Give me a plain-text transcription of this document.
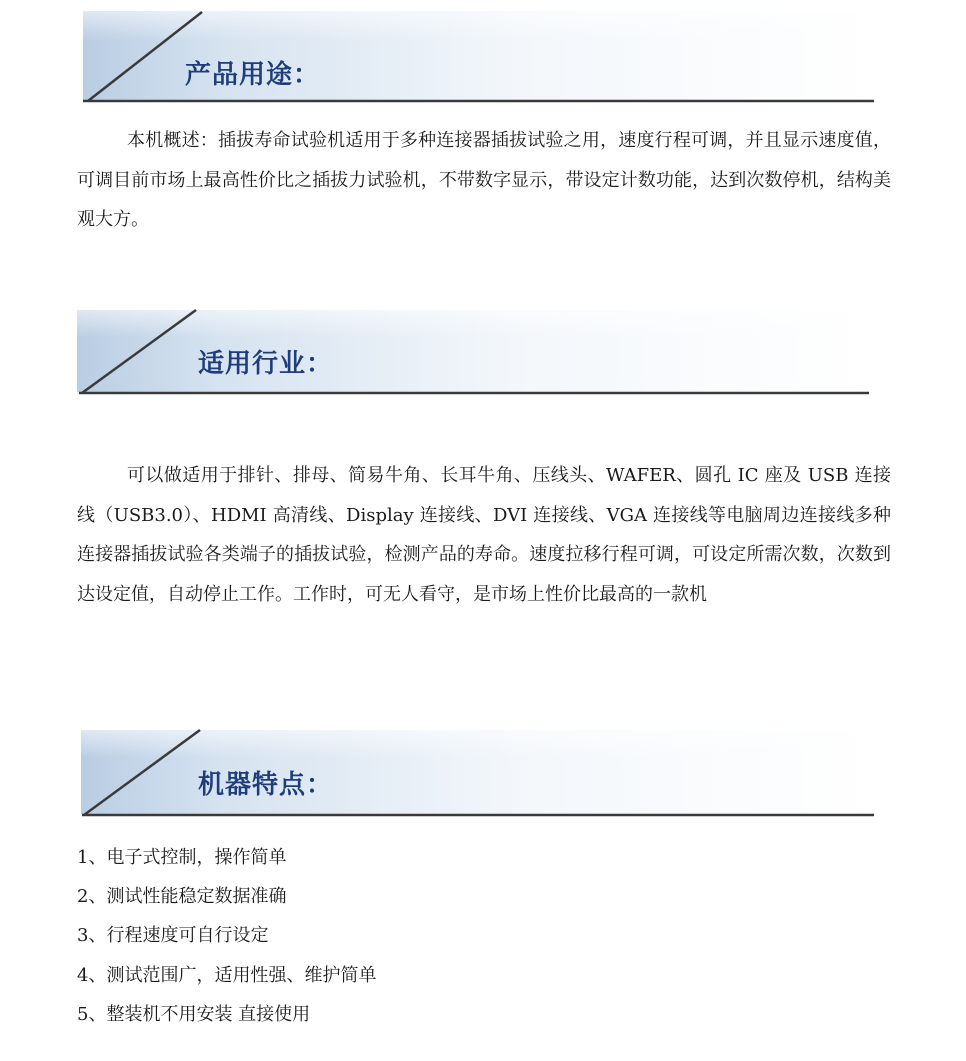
产品用途：

本机概述：插拔寿命试验机适用于多种连接器插拔试验之用，速度行程可调，并且显示速度值，可调目前市场上最高性价比之插拔力试验机，不带数字显示，带设定计数功能，达到次数停机，结构美观大方。

适用行业：

可以做适用于排针、排母、简易牛角、长耳牛角、压线头、WAFER、圆孔 IC 座及 USB 连接线（USB3.0）、HDMI 高清线、Display 连接线、DVI 连接线、VGA 连接线等电脑周边连接线多种连接器插拔试验各类端子的插拔试验，检测产品的寿命。速度拉移行程可调，可设定所需次数，次数到达设定值，自动停止工作。工作时，可无人看守，是市场上性价比最高的一款机

机器特点：
1、电子式控制，操作简单
2、测试性能稳定数据准确
3、行程速度可自行设定
4、测试范围广，适用性强、维护简单
5、整装机不用安装 直接使用
